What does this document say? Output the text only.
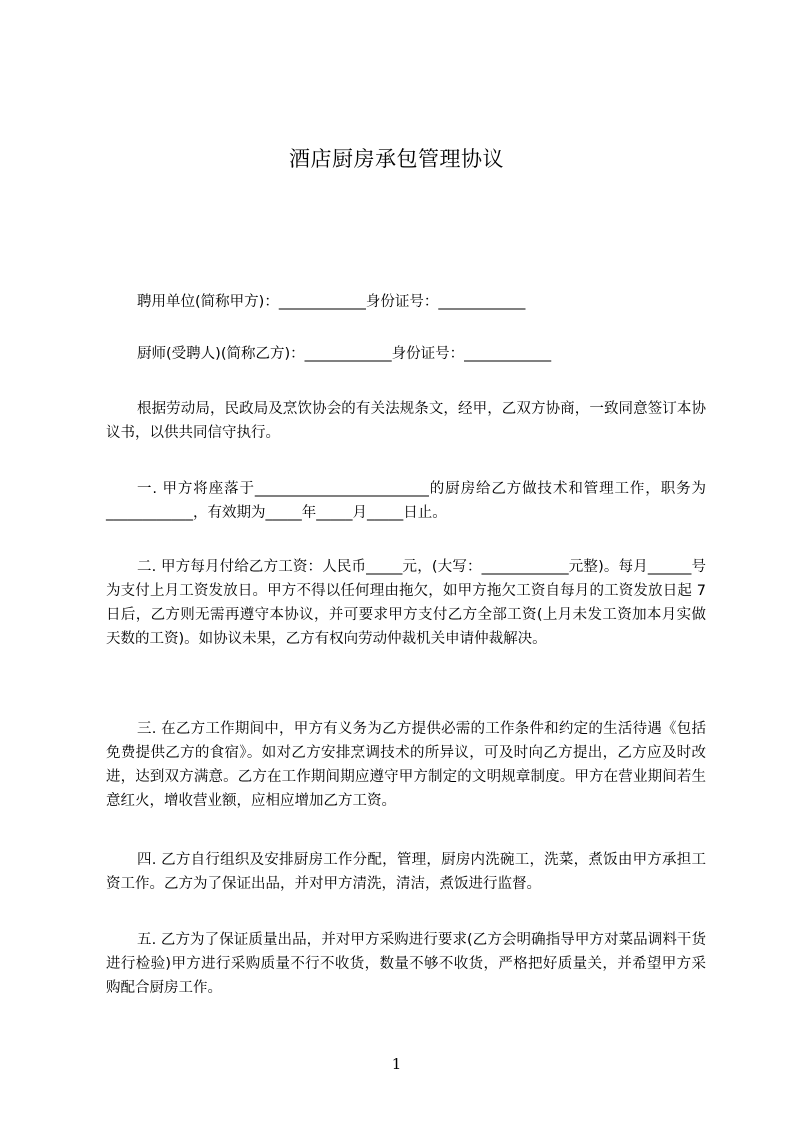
酒店厨房承包管理协议

聘用单位(简称甲方)：____________身份证号：____________

厨师(受聘人)(简称乙方)：____________身份证号：____________

根据劳动局，民政局及烹饮协会的有关法规条文，经甲，乙双方协商，一致同意签订本协议书，以供共同信守执行。

一. 甲方将座落于________________________的厨房给乙方做技术和管理工作，职务为____________，有效期为_____年_____月_____日止。

二. 甲方每月付给乙方工资：人民币_____元，(大写：____________元整)。每月______号为支付上月工资发放日。甲方不得以任何理由拖欠，如甲方拖欠工资自每月的工资发放日起 7 日后，乙方则无需再遵守本协议，并可要求甲方支付乙方全部工资(上月未发工资加本月实做天数的工资)。如协议未果，乙方有权向劳动仲裁机关申请仲裁解决。

三. 在乙方工作期间中，甲方有义务为乙方提供必需的工作条件和约定的生活待遇《包括免费提供乙方的食宿》。如对乙方安排烹调技术的所异议，可及时向乙方提出，乙方应及时改进，达到双方满意。乙方在工作期间期应遵守甲方制定的文明规章制度。甲方在营业期间若生意红火，增收营业额，应相应增加乙方工资。

四. 乙方自行组织及安排厨房工作分配，管理，厨房内洗碗工，洗菜，煮饭由甲方承担工资工作。乙方为了保证出品，并对甲方清洗，清洁，煮饭进行监督。

五. 乙方为了保证质量出品，并对甲方采购进行要求(乙方会明确指导甲方对菜品调料干货进行检验)甲方进行采购质量不行不收货，数量不够不收货，严格把好质量关，并希望甲方采购配合厨房工作。

1
